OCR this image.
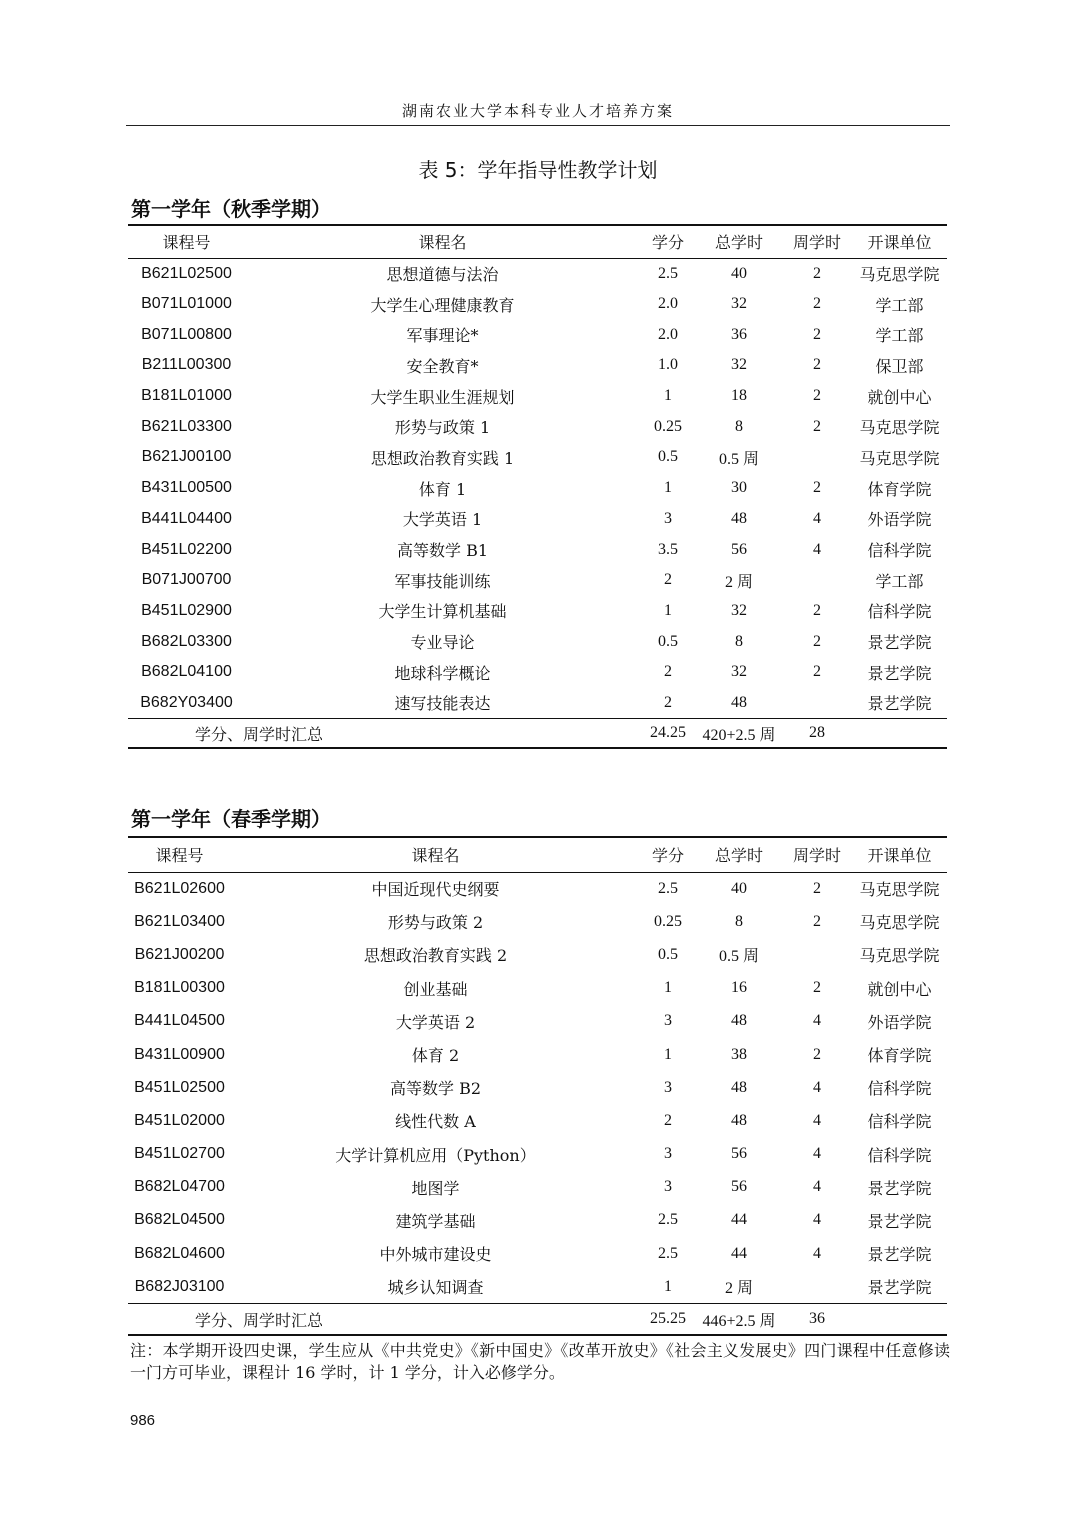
湖南农业大学本科专业人才培养方案
表 5：学年指导性教学计划
第一学年（秋季学期）
课程号	课程名	学分	总学时	周学时	开课单位
B621L02500	思想道德与法治	2.5	40	2	马克思学院
B071L01000	大学生心理健康教育	2.0	32	2	学工部
B071L00800	军事理论*	2.0	36	2	学工部
B211L00300	安全教育*	1.0	32	2	保卫部
B181L01000	大学生职业生涯规划	1	18	2	就创中心
B621L03300	形势与政策 1	0.25	8	2	马克思学院
B621J00100	思想政治教育实践 1	0.5	0.5 周		马克思学院
B431L00500	体育 1	1	30	2	体育学院
B441L04400	大学英语 1	3	48	4	外语学院
B451L02200	高等数学 B1	3.5	56	4	信科学院
B071J00700	军事技能训练	2	2 周		学工部
B451L02900	大学生计算机基础	1	32	2	信科学院
B682L03300	专业导论	0.5	8	2	景艺学院
B682L04100	地球科学概论	2	32	2	景艺学院
B682Y03400	速写技能表达	2	48		景艺学院
学分、周学时汇总		24.25	420+2.5 周	28	
第一学年（春季学期）
课程号	课程名	学分	总学时	周学时	开课单位
B621L02600	中国近现代史纲要	2.5	40	2	马克思学院
B621L03400	形势与政策 2	0.25	8	2	马克思学院
B621J00200	思想政治教育实践 2	0.5	0.5 周		马克思学院
B181L00300	创业基础	1	16	2	就创中心
B441L04500	大学英语 2	3	48	4	外语学院
B431L00900	体育 2	1	38	2	体育学院
B451L02500	高等数学 B2	3	48	4	信科学院
B451L02000	线性代数 A	2	48	4	信科学院
B451L02700	大学计算机应用（Python）	3	56	4	信科学院
B682L04700	地图学	3	56	4	景艺学院
B682L04500	建筑学基础	2.5	44	4	景艺学院
B682L04600	中外城市建设史	2.5	44	4	景艺学院
B682J03100	城乡认知调查	1	2 周		景艺学院
学分、周学时汇总		25.25	446+2.5 周	36	
注：本学期开设四史课，学生应从《中共党史》《新中国史》《改革开放史》《社会主义发展史》四门课程中任意修读一门方可毕业，课程计 16 学时，计 1 学分，计入必修学分。
986
